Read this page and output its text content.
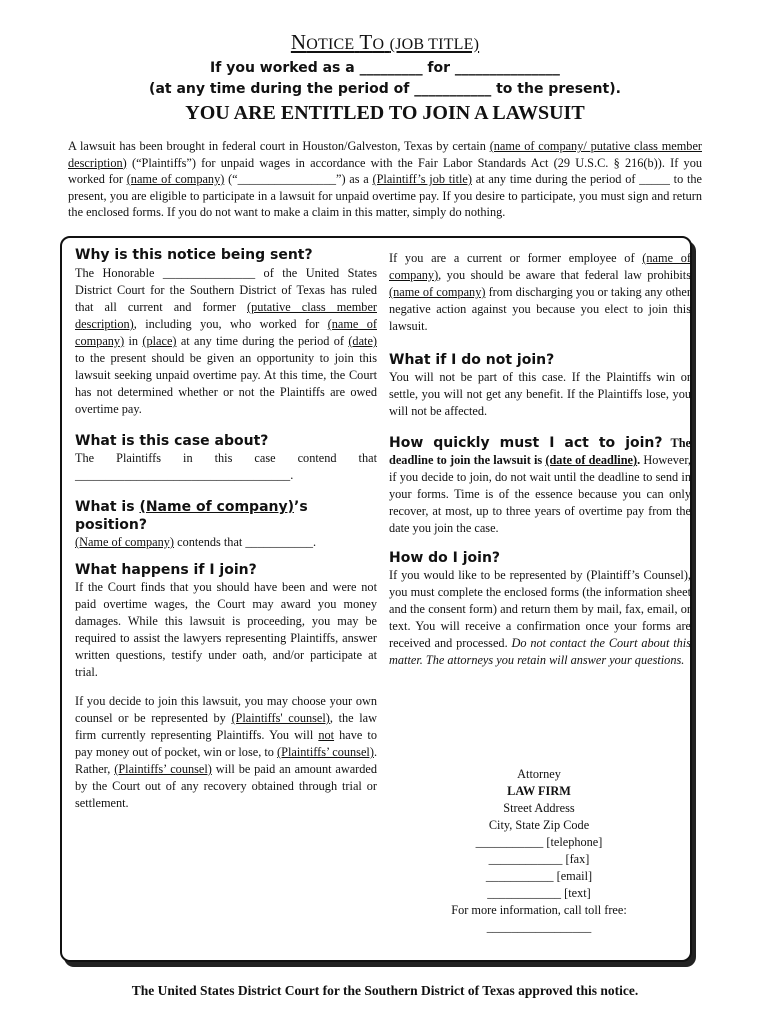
NOTICE TO (JOB TITLE)
If you worked as a _________ for _______________
(at any time during the period of ___________ to the present).
YOU ARE ENTITLED TO JOIN A LAWSUIT
A lawsuit has been brought in federal court in Houston/Galveston, Texas by certain (name of company/ putative class member description) (“Plaintiffs”) for unpaid wages in accordance with the Fair Labor Standards Act (29 U.S.C. § 216(b)). If you worked for (name of company) (“________________”) as a (Plaintiff’s job title) at any time during the period of _____ to the present, you are eligible to participate in a lawsuit for unpaid overtime pay. If you desire to participate, you must sign and return the enclosed forms. If you do not want to make a claim in this matter, simply do nothing.
Why is this notice being sent?

The Honorable _______________ of the United States District Court for the Southern District of Texas has ruled that all current and former (putative class member description), including you, who worked for (name of company) in (place) at any time during the period of (date) to the present should be given an opportunity to join this lawsuit seeking unpaid overtime pay. At this time, the Court has not determined whether or not the Plaintiffs are owed overtime pay.

What is this case about?

The Plaintiffs in this case contend that ___________________________________.

What is (Name of company)’s position?

(Name of company) contends that ___________.

What happens if I join?

If the Court finds that you should have been and were not paid overtime wages, the Court may award you money damages. While this lawsuit is proceeding, you may be required to assist the lawyers representing Plaintiffs, answer written questions, testify under oath, and/or participate at trial.

If you decide to join this lawsuit, you may choose your own counsel or be represented by (Plaintiffs' counsel), the law firm currently representing Plaintiffs. You will not have to pay money out of pocket, win or lose, to (Plaintiffs’ counsel). Rather, (Plaintiffs’ counsel) will be paid an amount awarded by the Court out of any recovery obtained through trial or settlement.

If you are a current or former employee of (name of company), you should be aware that federal law prohibits (name of company) from discharging you or taking any other negative action against you because you elect to join this lawsuit.

What if I do not join?

You will not be part of this case. If the Plaintiffs win or settle, you will not get any benefit. If the Plaintiffs lose, you will not be affected.

How quickly must I act to join? The deadline to join the lawsuit is (date of deadline). However, if you decide to join, do not wait until the deadline to send in your forms. Time is of the essence because you can only recover, at most, up to three years of overtime pay from the date you join the case.

How do I join?

If you would like to be represented by (Plaintiff’s Counsel), you must complete the enclosed forms (the information sheet and the consent form) and return them by mail, fax, email, or text. You will receive a confirmation once your forms are received and processed. Do not contact the Court about this matter. The attorneys you retain will answer your questions.

Attorney
LAW FIRM
Street Address
City, State Zip Code
___________ [telephone]
____________ [fax]
___________ [email]
____________ [text]
For more information, call toll free:
_________________
The United States District Court for the Southern District of Texas approved this notice.
